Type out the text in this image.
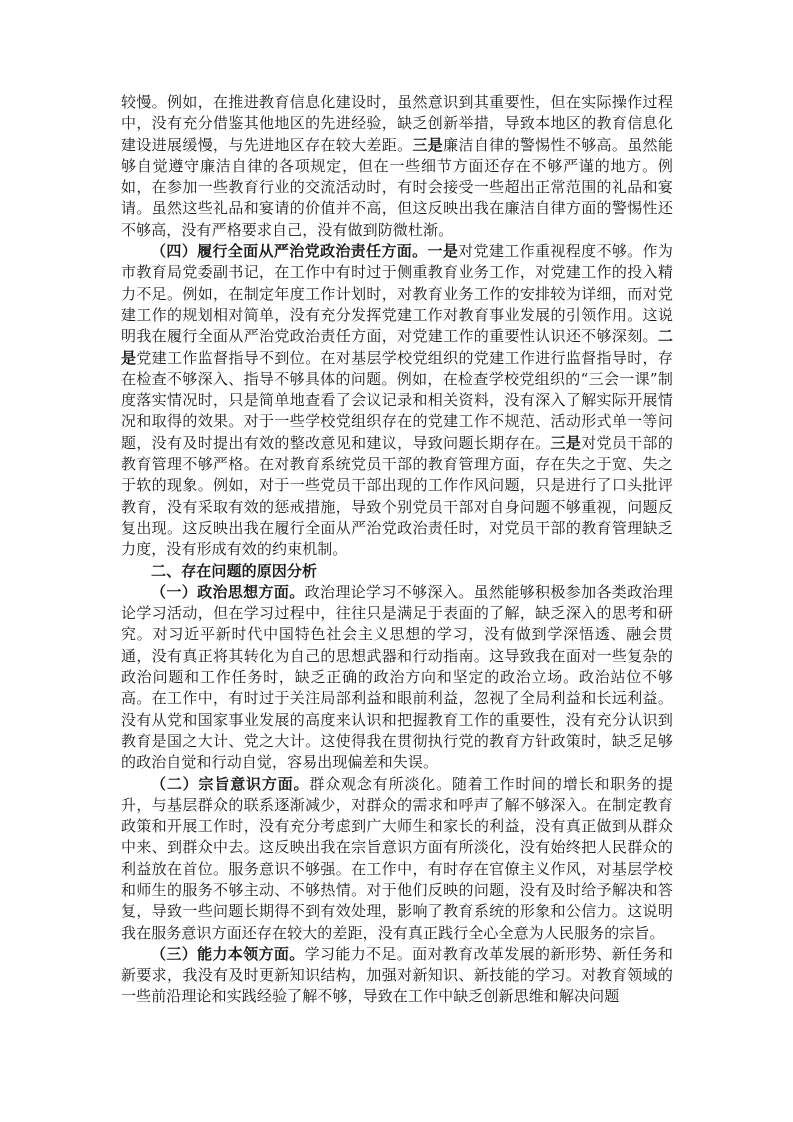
较慢。例如，在推进教育信息化建设时，虽然意识到其重要性，但在实际操作过程中，没有充分借鉴其他地区的先进经验，缺乏创新举措，导致本地区的教育信息化建设进展缓慢，与先进地区存在较大差距。三是廉洁自律的警惕性不够高。虽然能够自觉遵守廉洁自律的各项规定，但在一些细节方面还存在不够严谨的地方。例如，在参加一些教育行业的交流活动时，有时会接受一些超出正常范围的礼品和宴请。虽然这些礼品和宴请的价值并不高，但这反映出我在廉洁自律方面的警惕性还不够高，没有严格要求自己，没有做到防微杜渐。

（四）履行全面从严治党政治责任方面。一是对党建工作重视程度不够。作为市教育局党委副书记，在工作中有时过于侧重教育业务工作，对党建工作的投入精力不足。例如，在制定年度工作计划时，对教育业务工作的安排较为详细，而对党建工作的规划相对简单，没有充分发挥党建工作对教育事业发展的引领作用。这说明我在履行全面从严治党政治责任方面，对党建工作的重要性认识还不够深刻。二是党建工作监督指导不到位。在对基层学校党组织的党建工作进行监督指导时，存在检查不够深入、指导不够具体的问题。例如，在检查学校党组织的“三会一课”制度落实情况时，只是简单地查看了会议记录和相关资料，没有深入了解实际开展情况和取得的效果。对于一些学校党组织存在的党建工作不规范、活动形式单一等问题，没有及时提出有效的整改意见和建议，导致问题长期存在。三是对党员干部的教育管理不够严格。在对教育系统党员干部的教育管理方面，存在失之于宽、失之于软的现象。例如，对于一些党员干部出现的工作作风问题，只是进行了口头批评教育，没有采取有效的惩戒措施，导致个别党员干部对自身问题不够重视，问题反复出现。这反映出我在履行全面从严治党政治责任时，对党员干部的教育管理缺乏力度，没有形成有效的约束机制。

二、存在问题的原因分析

（一）政治思想方面。政治理论学习不够深入。虽然能够积极参加各类政治理论学习活动，但在学习过程中，往往只是满足于表面的了解，缺乏深入的思考和研究。对习近平新时代中国特色社会主义思想的学习，没有做到学深悟透、融会贯通，没有真正将其转化为自己的思想武器和行动指南。这导致我在面对一些复杂的政治问题和工作任务时，缺乏正确的政治方向和坚定的政治立场。政治站位不够高。在工作中，有时过于关注局部利益和眼前利益，忽视了全局利益和长远利益。没有从党和国家事业发展的高度来认识和把握教育工作的重要性，没有充分认识到教育是国之大计、党之大计。这使得我在贯彻执行党的教育方针政策时，缺乏足够的政治自觉和行动自觉，容易出现偏差和失误。

（二）宗旨意识方面。群众观念有所淡化。随着工作时间的增长和职务的提升，与基层群众的联系逐渐减少，对群众的需求和呼声了解不够深入。在制定教育政策和开展工作时，没有充分考虑到广大师生和家长的利益，没有真正做到从群众中来、到群众中去。这反映出我在宗旨意识方面有所淡化，没有始终把人民群众的利益放在首位。服务意识不够强。在工作中，有时存在官僚主义作风，对基层学校和师生的服务不够主动、不够热情。对于他们反映的问题，没有及时给予解决和答复，导致一些问题长期得不到有效处理，影响了教育系统的形象和公信力。这说明我在服务意识方面还存在较大的差距，没有真正践行全心全意为人民服务的宗旨。

（三）能力本领方面。学习能力不足。面对教育改革发展的新形势、新任务和新要求，我没有及时更新知识结构，加强对新知识、新技能的学习。对教育领域的一些前沿理论和实践经验了解不够，导致在工作中缺乏创新思维和解决问题
